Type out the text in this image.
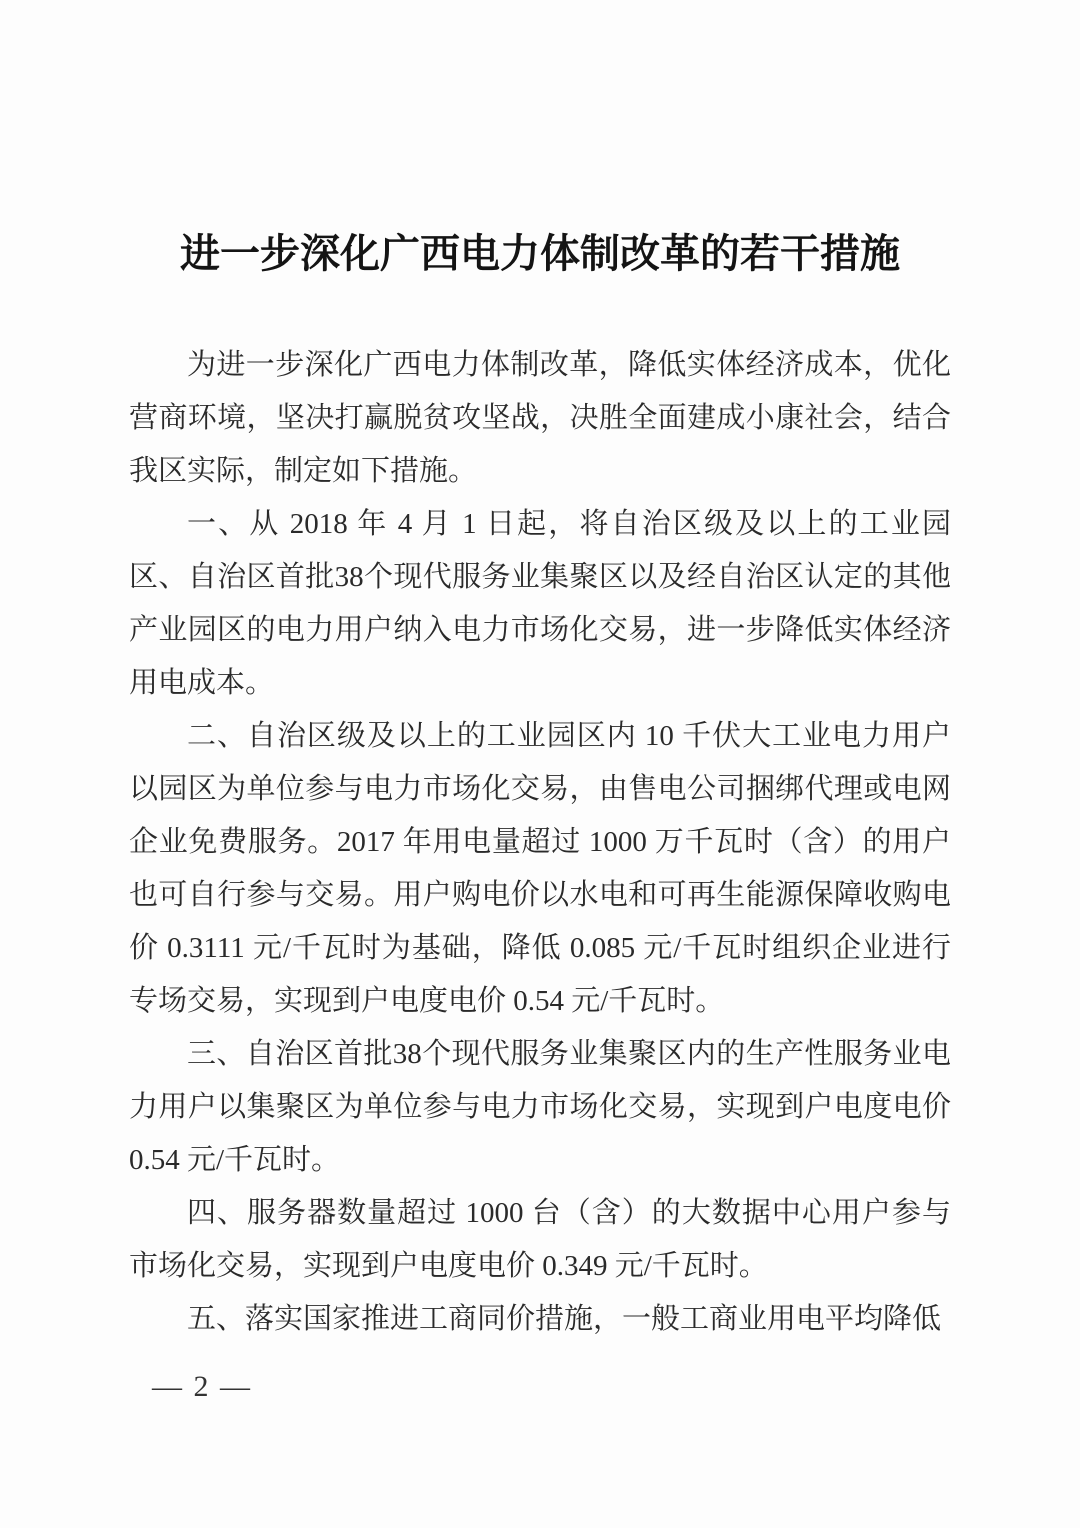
进一步深化广西电力体制改革的若干措施

为进一步深化广西电力体制改革，降低实体经济成本，优化营商环境，坚决打赢脱贫攻坚战，决胜全面建成小康社会，结合我区实际，制定如下措施。

一、从 2018 年 4 月 1 日起，将自治区级及以上的工业园区、自治区首批38个现代服务业集聚区以及经自治区认定的其他产业园区的电力用户纳入电力市场化交易，进一步降低实体经济用电成本。

二、自治区级及以上的工业园区内 10 千伏大工业电力用户以园区为单位参与电力市场化交易，由售电公司捆绑代理或电网企业免费服务。2017 年用电量超过 1000 万千瓦时（含）的用户也可自行参与交易。用户购电价以水电和可再生能源保障收购电价 0.3111 元/千瓦时为基础，降低 0.085 元/千瓦时组织企业进行专场交易，实现到户电度电价 0.54 元/千瓦时。

三、自治区首批38个现代服务业集聚区内的生产性服务业电力用户以集聚区为单位参与电力市场化交易，实现到户电度电价 0.54 元/千瓦时。

四、服务器数量超过 1000 台（含）的大数据中心用户参与市场化交易，实现到户电度电价 0.349 元/千瓦时。

五、落实国家推进工商同价措施，一般工商业用电平均降低

— 2 —
